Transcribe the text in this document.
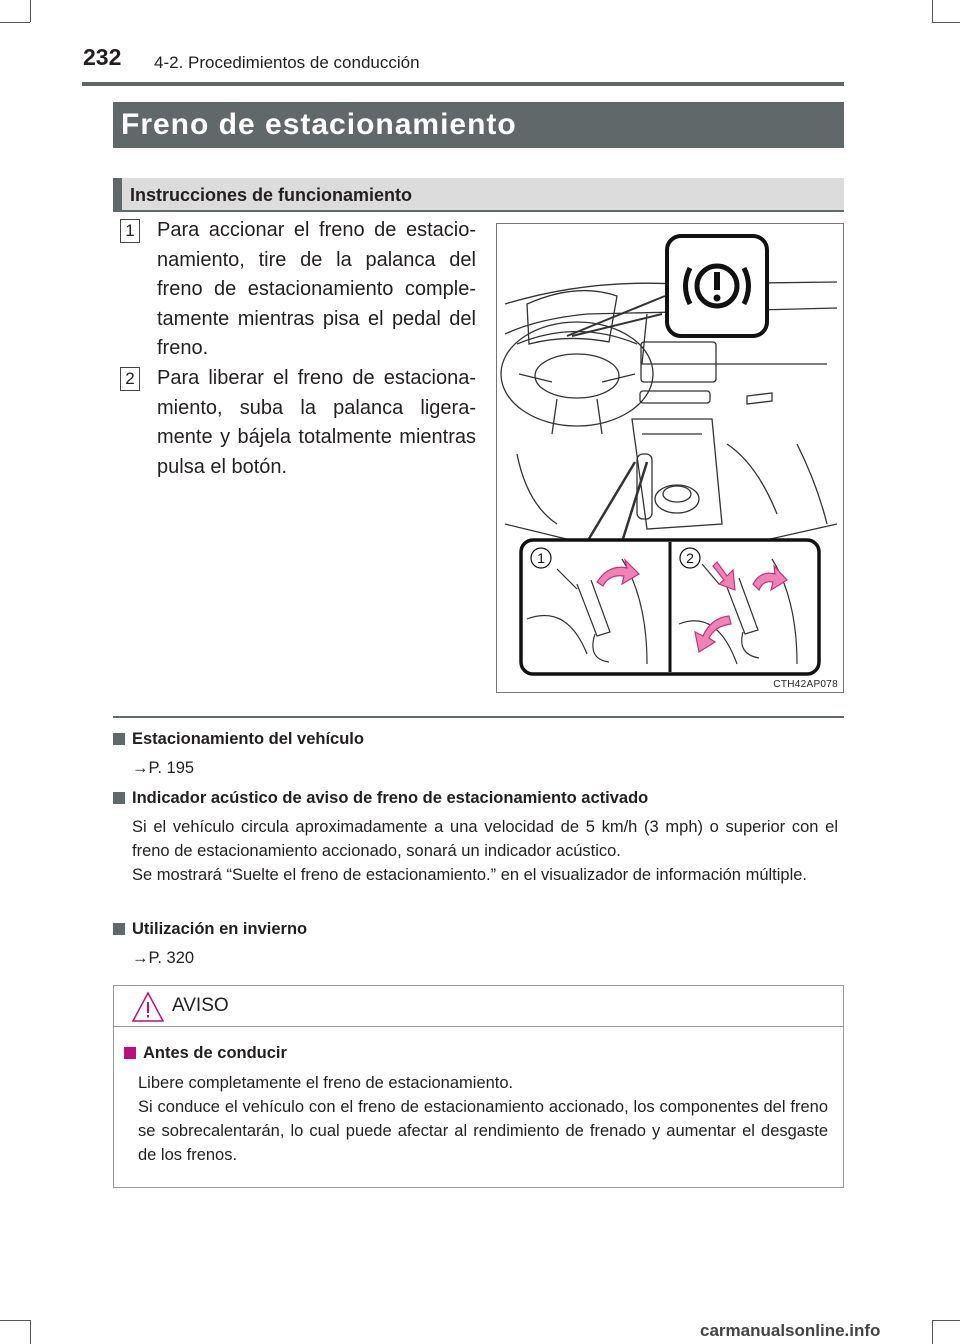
232 4-2. Procedimientos de conducción
Freno de estacionamiento
Instrucciones de funcionamiento
1 Para accionar el freno de estacio-namiento, tire de la palanca del freno de estacionamiento comple-tamente mientras pisa el pedal del freno.
2 Para liberar el freno de estaciona-miento, suba la palanca ligera-mente y bájela totalmente mientras pulsa el botón.
1	2
CTH42AP078
Estacionamiento del vehículo

→P. 195

Indicador acústico de aviso de freno de estacionamiento activado

Si el vehículo circula aproximadamente a una velocidad de 5 km/h (3 mph) o superior con el freno de estacionamiento accionado, sonará un indicador acústico.

Se mostrará “Suelte el freno de estacionamiento.” en el visualizador de información múltiple.

Utilización en invierno

→P. 320

AVISO
Antes de conducir

Libere completamente el freno de estacionamiento.

Si conduce el vehículo con el freno de estacionamiento accionado, los componentes del freno se sobrecalentarán, lo cual puede afectar al rendimiento de frenado y aumentar el desgaste de los frenos.

carmanualsonline.info
